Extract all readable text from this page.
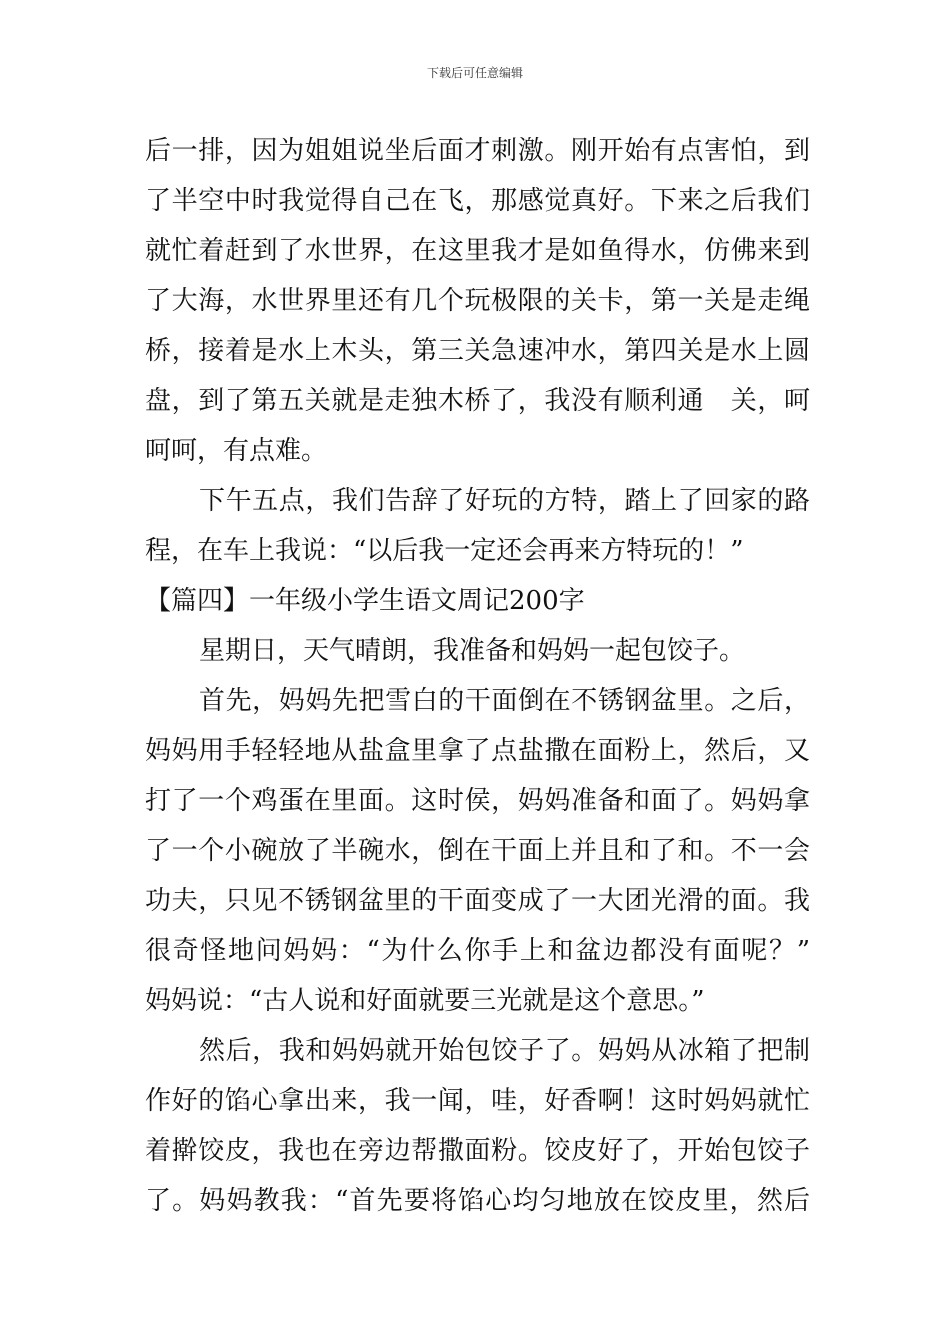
下载后可任意编辑
后一排，因为姐姐说坐后面才刺激。刚开始有点害怕，到
了半空中时我觉得自己在飞，那感觉真好。下来之后我们
就忙着赶到了水世界，在这里我才是如鱼得水，仿佛来到
了大海，水世界里还有几个玩极限的关卡，第一关是走绳
桥，接着是水上木头，第三关急速冲水，第四关是水上圆
盘，到了第五关就是走独木桥了，我没有顺利通　关，呵
呵呵，有点难。
下午五点，我们告辞了好玩的方特，踏上了回家的路
程，在车上我说：“以后我一定还会再来方特玩的！”
【篇四】一年级小学生语文周记200字
星期日，天气晴朗，我准备和妈妈一起包饺子。
首先，妈妈先把雪白的干面倒在不锈钢盆里。之后，
妈妈用手轻轻地从盐盒里拿了点盐撒在面粉上，然后，又
打了一个鸡蛋在里面。这时侯，妈妈准备和面了。妈妈拿
了一个小碗放了半碗水，倒在干面上并且和了和。不一会
功夫，只见不锈钢盆里的干面变成了一大团光滑的面。我
很奇怪地问妈妈：“为什么你手上和盆边都没有面呢？”
妈妈说：“古人说和好面就要三光就是这个意思。”
然后，我和妈妈就开始包饺子了。妈妈从冰箱了把制
作好的馅心拿出来，我一闻，哇，好香啊！这时妈妈就忙
着擀饺皮，我也在旁边帮撒面粉。饺皮好了，开始包饺子
了。妈妈教我：“首先要将馅心均匀地放在饺皮里，然后
